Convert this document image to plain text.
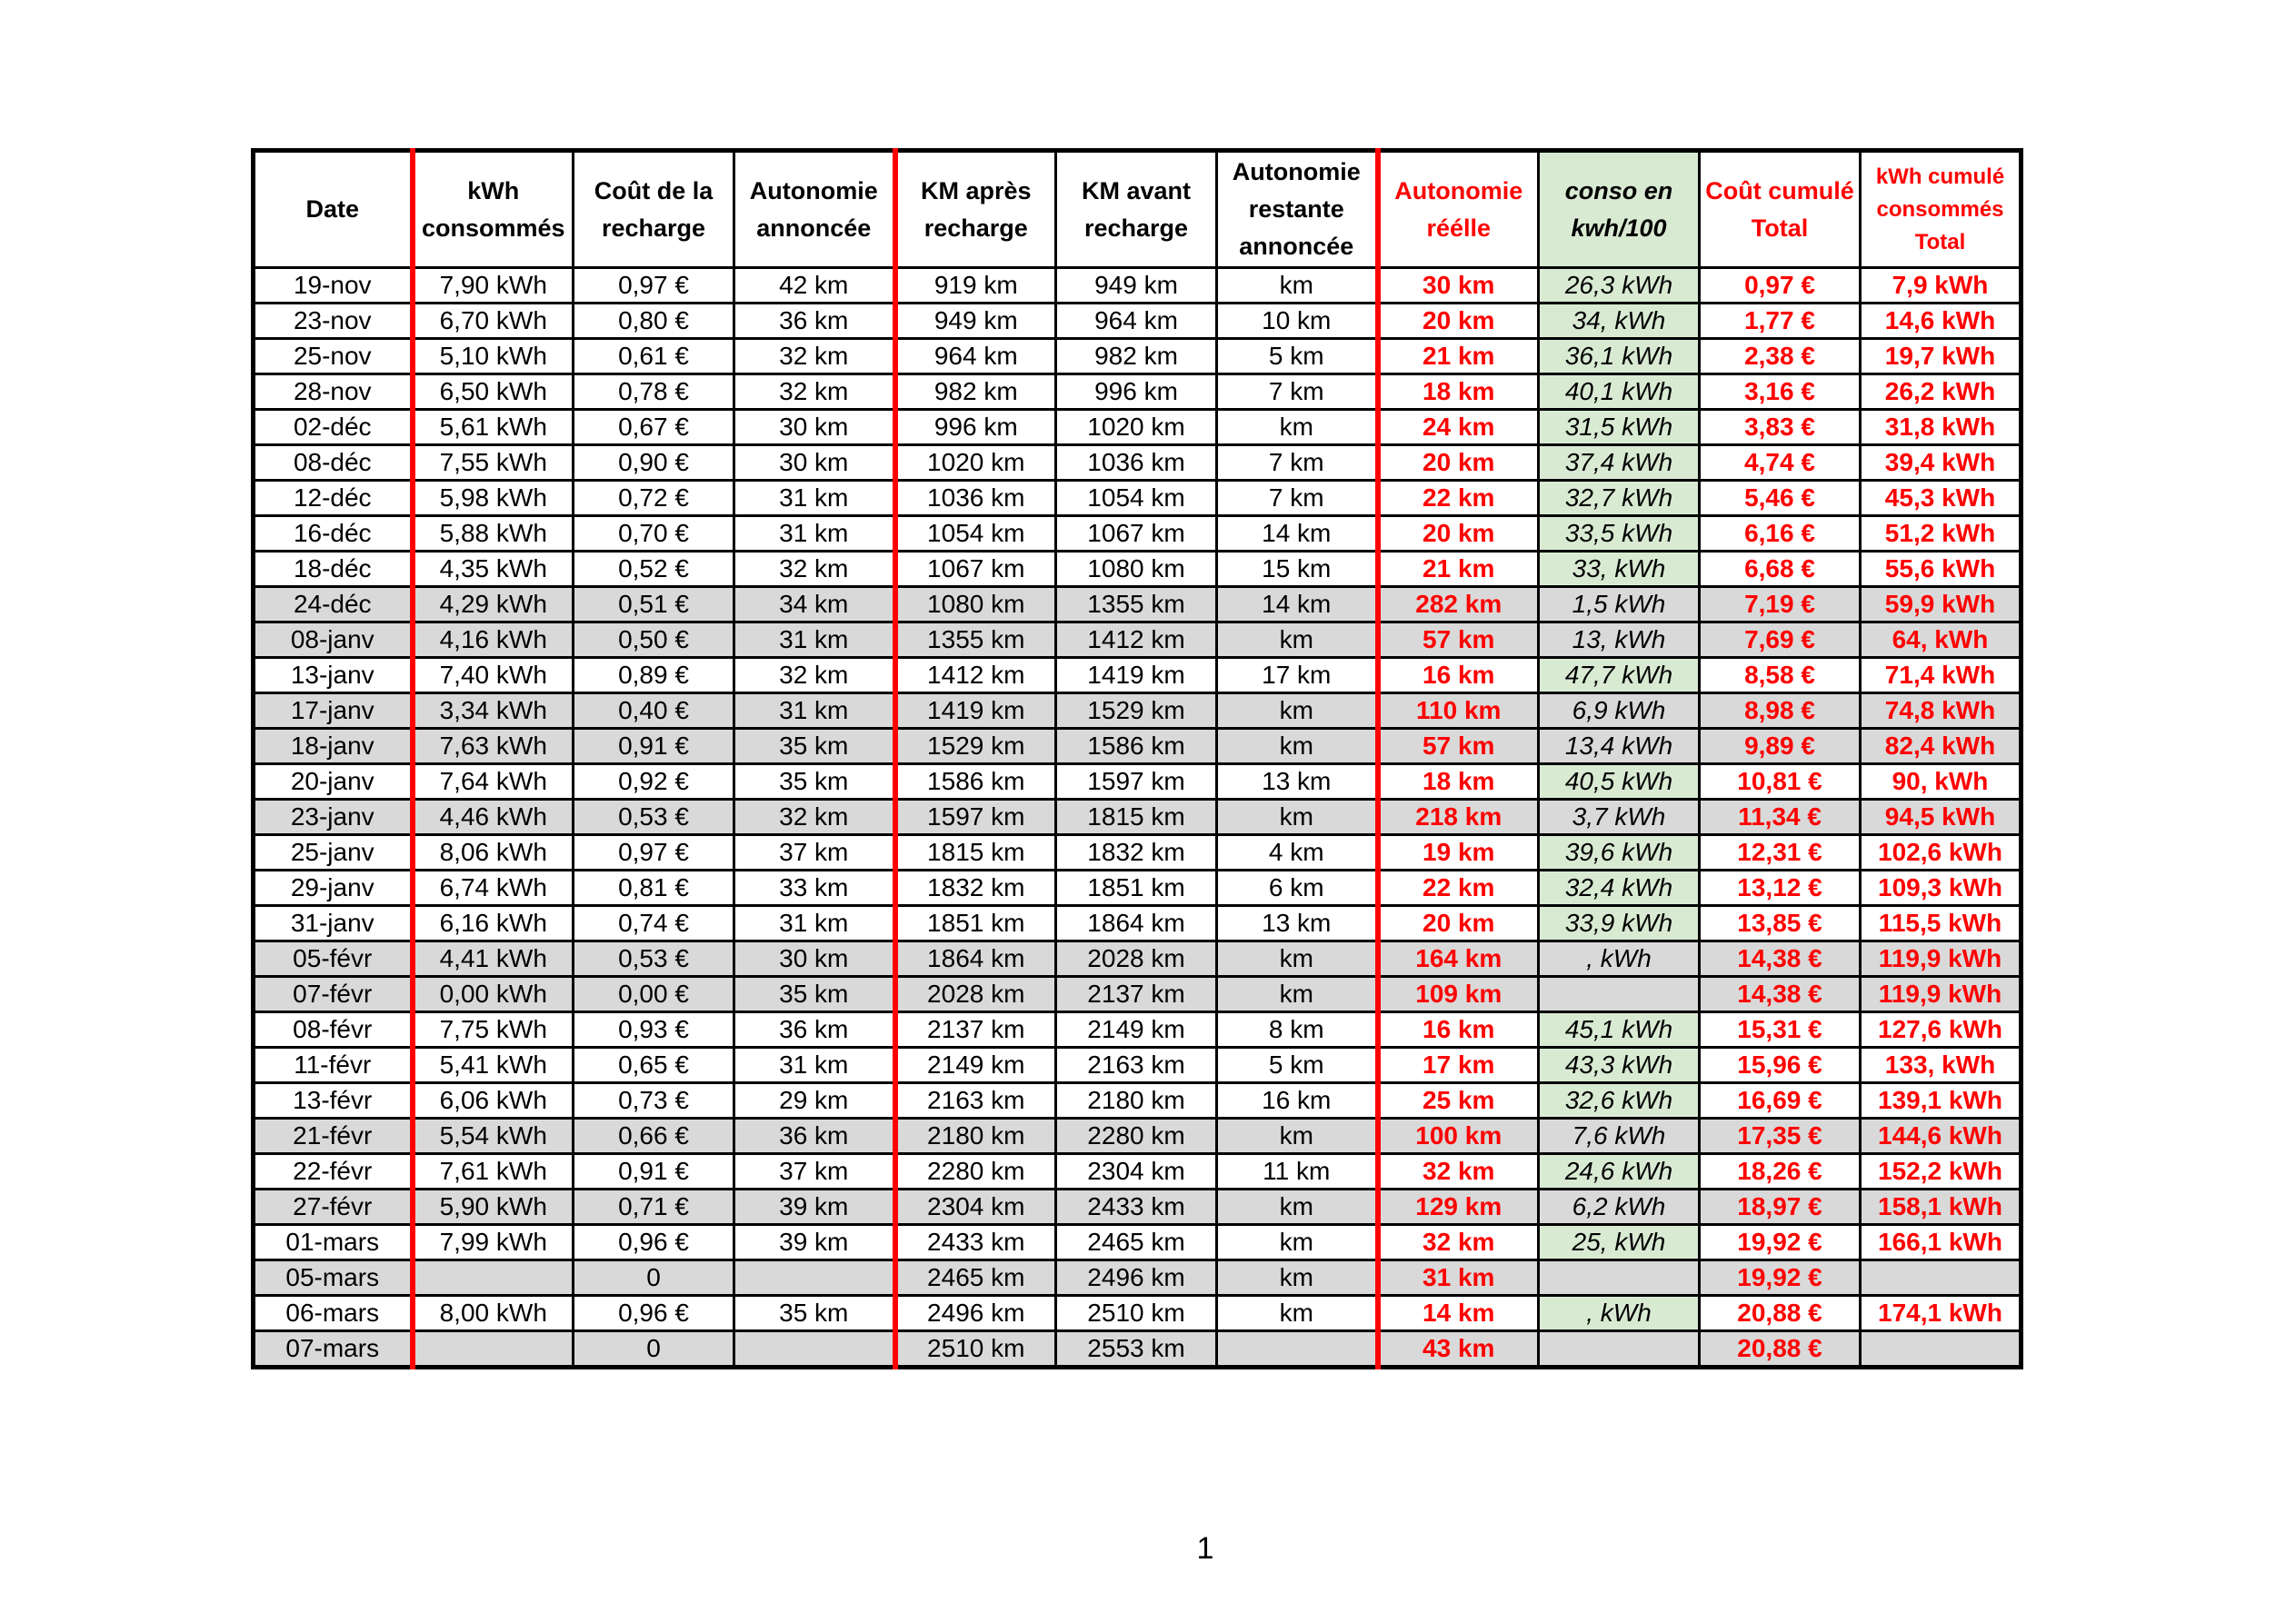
Date	kWh consommés	Coût de la recharge	Autonomie annoncée	KM après recharge	KM avant recharge	Autonomie restante annoncée	Autonomie réélle	conso en kwh/100	Coût cumulé Total	kWh cumulé consommés Total
19-nov	7,90 kWh	0,97 €	42 km	919 km	949 km	km	30 km	26,3 kWh	0,97 €	7,9 kWh
23-nov	6,70 kWh	0,80 €	36 km	949 km	964 km	10 km	20 km	34, kWh	1,77 €	14,6 kWh
25-nov	5,10 kWh	0,61 €	32 km	964 km	982 km	5 km	21 km	36,1 kWh	2,38 €	19,7 kWh
28-nov	6,50 kWh	0,78 €	32 km	982 km	996 km	7 km	18 km	40,1 kWh	3,16 €	26,2 kWh
02-déc	5,61 kWh	0,67 €	30 km	996 km	1020 km	km	24 km	31,5 kWh	3,83 €	31,8 kWh
08-déc	7,55 kWh	0,90 €	30 km	1020 km	1036 km	7 km	20 km	37,4 kWh	4,74 €	39,4 kWh
12-déc	5,98 kWh	0,72 €	31 km	1036 km	1054 km	7 km	22 km	32,7 kWh	5,46 €	45,3 kWh
16-déc	5,88 kWh	0,70 €	31 km	1054 km	1067 km	14 km	20 km	33,5 kWh	6,16 €	51,2 kWh
18-déc	4,35 kWh	0,52 €	32 km	1067 km	1080 km	15 km	21 km	33, kWh	6,68 €	55,6 kWh
24-déc	4,29 kWh	0,51 €	34 km	1080 km	1355 km	14 km	282 km	1,5 kWh	7,19 €	59,9 kWh
08-janv	4,16 kWh	0,50 €	31 km	1355 km	1412 km	km	57 km	13, kWh	7,69 €	64, kWh
13-janv	7,40 kWh	0,89 €	32 km	1412 km	1419 km	17 km	16 km	47,7 kWh	8,58 €	71,4 kWh
17-janv	3,34 kWh	0,40 €	31 km	1419 km	1529 km	km	110 km	6,9 kWh	8,98 €	74,8 kWh
18-janv	7,63 kWh	0,91 €	35 km	1529 km	1586 km	km	57 km	13,4 kWh	9,89 €	82,4 kWh
20-janv	7,64 kWh	0,92 €	35 km	1586 km	1597 km	13 km	18 km	40,5 kWh	10,81 €	90, kWh
23-janv	4,46 kWh	0,53 €	32 km	1597 km	1815 km	km	218 km	3,7 kWh	11,34 €	94,5 kWh
25-janv	8,06 kWh	0,97 €	37 km	1815 km	1832 km	4 km	19 km	39,6 kWh	12,31 €	102,6 kWh
29-janv	6,74 kWh	0,81 €	33 km	1832 km	1851 km	6 km	22 km	32,4 kWh	13,12 €	109,3 kWh
31-janv	6,16 kWh	0,74 €	31 km	1851 km	1864 km	13 km	20 km	33,9 kWh	13,85 €	115,5 kWh
05-févr	4,41 kWh	0,53 €	30 km	1864 km	2028 km	km	164 km	, kWh	14,38 €	119,9 kWh
07-févr	0,00 kWh	0,00 €	35 km	2028 km	2137 km	km	109 km		14,38 €	119,9 kWh
08-févr	7,75 kWh	0,93 €	36 km	2137 km	2149 km	8 km	16 km	45,1 kWh	15,31 €	127,6 kWh
11-févr	5,41 kWh	0,65 €	31 km	2149 km	2163 km	5 km	17 km	43,3 kWh	15,96 €	133, kWh
13-févr	6,06 kWh	0,73 €	29 km	2163 km	2180 km	16 km	25 km	32,6 kWh	16,69 €	139,1 kWh
21-févr	5,54 kWh	0,66 €	36 km	2180 km	2280 km	km	100 km	7,6 kWh	17,35 €	144,6 kWh
22-févr	7,61 kWh	0,91 €	37 km	2280 km	2304 km	11 km	32 km	24,6 kWh	18,26 €	152,2 kWh
27-févr	5,90 kWh	0,71 €	39 km	2304 km	2433 km	km	129 km	6,2 kWh	18,97 €	158,1 kWh
01-mars	7,99 kWh	0,96 €	39 km	2433 km	2465 km	km	32 km	25, kWh	19,92 €	166,1 kWh
05-mars		0		2465 km	2496 km	km	31 km		19,92 €	
06-mars	8,00 kWh	0,96 €	35 km	2496 km	2510 km	km	14 km	, kWh	20,88 €	174,1 kWh
07-mars		0		2510 km	2553 km		43 km		20,88 €	
1
